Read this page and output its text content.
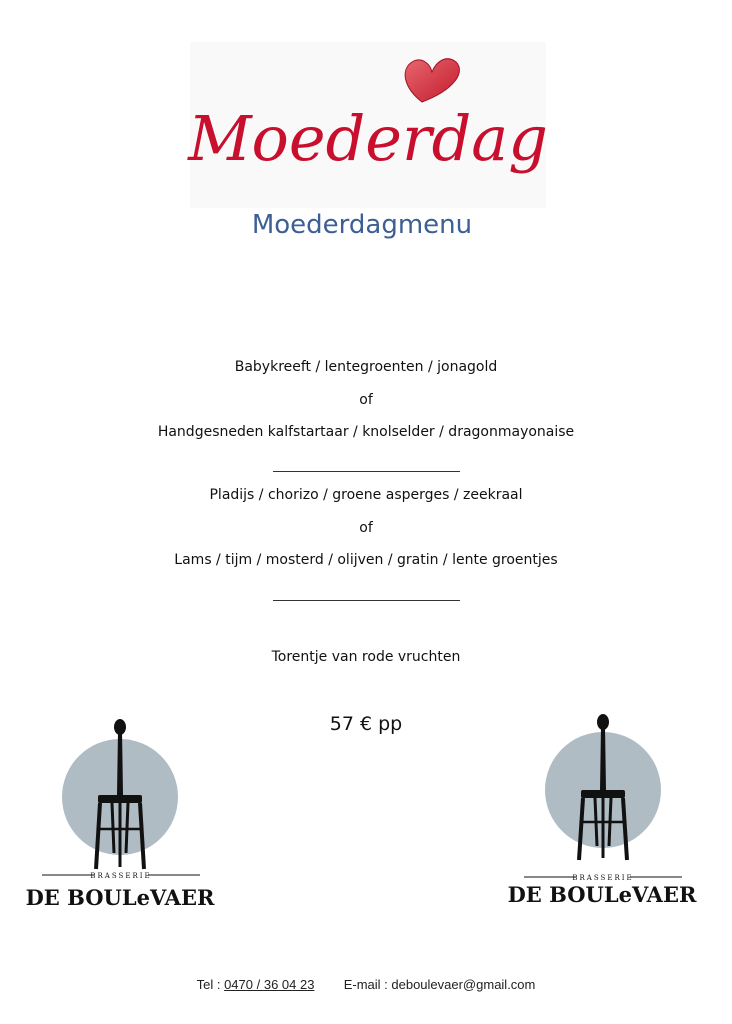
Moederdag
Moederdagmenu
Babykreeft / lentegroenten / jonagold
of
Handgesneden kalfstartaar / knolselder / dragonmayonaise
Pladijs / chorizo / groene asperges / zeekraal
of
Lams / tijm / mosterd / olijven / gratin / lente groentjes
Torentje van rode vruchten
57 € pp
BRASSERIE
DE BOULeVAER
BRASSERIE
DE BOULeVAER
Tel : 0470 / 36 04 23 E-mail : deboulevaer@gmail.com
